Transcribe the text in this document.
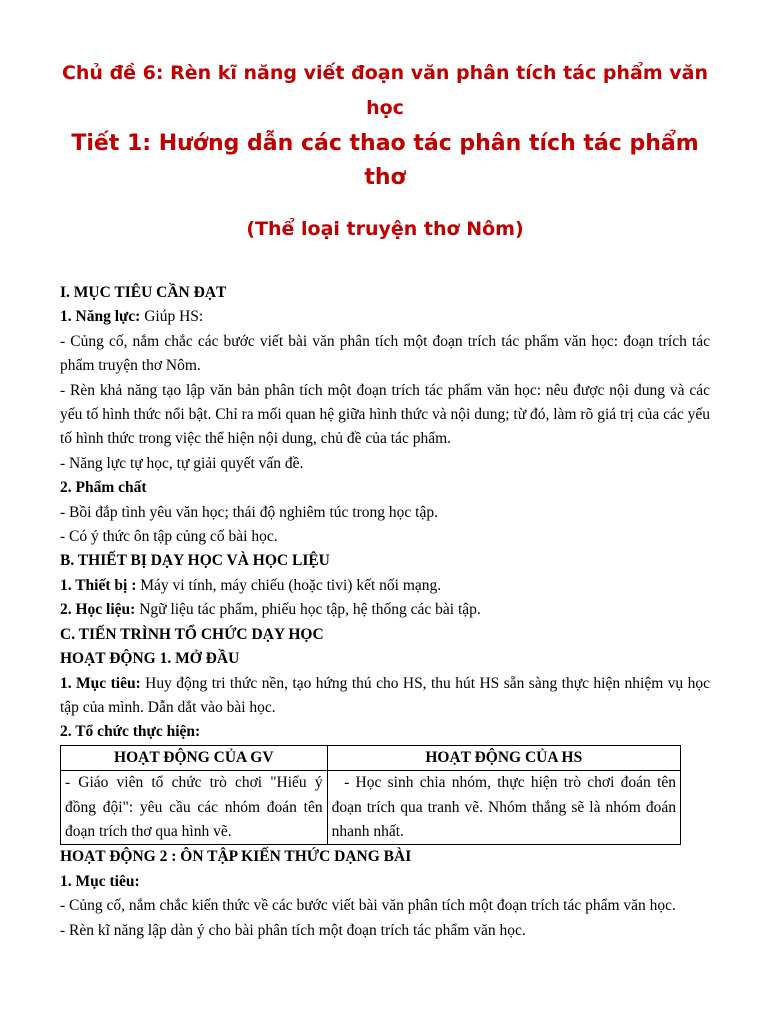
Chủ đề 6: Rèn kĩ năng viết đoạn văn phân tích tác phẩm văn học
Tiết 1: Hướng dẫn các thao tác phân tích tác phẩm thơ
(Thể loại truyện thơ Nôm)

I. MỤC TIÊU CẦN ĐẠT

1. Năng lực: Giúp HS:

- Củng cố, nắm chắc các bước viết bài văn phân tích một đoạn trích tác phẩm văn học: đoạn trích tác phẩm truyện thơ Nôm.

- Rèn khả năng tạo lập văn bản phân tích một đoạn trích tác phẩm văn học: nêu được nội dung và các yếu tố hình thức nổi bật. Chỉ ra mối quan hệ giữa hình thức và nội dung; từ đó, làm rõ giá trị của các yếu tố hình thức trong việc thể hiện nội dung, chủ đề của tác phẩm.

- Năng lực tự học, tự giải quyết vấn đề.

2. Phẩm chất

- Bồi đắp tình yêu văn học; thái độ nghiêm túc trong học tập.

- Có ý thức ôn tập củng cố bài học.

B. THIẾT BỊ DẠY HỌC VÀ HỌC LIỆU

1. Thiết bị : Máy vi tính, máy chiếu (hoặc tivi) kết nối mạng.

2. Học liệu: Ngữ liệu tác phẩm, phiếu học tập, hệ thống các bài tập.

C. TIẾN TRÌNH TỔ CHỨC DẠY HỌC

HOẠT ĐỘNG 1. MỞ ĐẦU

1. Mục tiêu: Huy động tri thức nền, tạo hứng thú cho HS, thu hút HS sẵn sàng thực hiện nhiệm vụ học tập của mình. Dẫn dắt vào bài học.

2. Tổ chức thực hiện:

HOẠT ĐỘNG CỦA GV	HOẠT ĐỘNG CỦA HS
- Giáo viên tổ chức trò chơi "Hiểu ý đồng đội": yêu cầu các nhóm đoán tên đoạn trích thơ qua hình vẽ.	- Học sinh chia nhóm, thực hiện trò chơi đoán tên đoạn trích qua tranh vẽ. Nhóm thắng sẽ là nhóm đoán nhanh nhất.

HOẠT ĐỘNG 2 : ÔN TẬP KIẾN THỨC DẠNG BÀI

1. Mục tiêu:

- Củng cố, nắm chắc kiến thức về các bước viết bài văn phân tích một đoạn trích tác phẩm văn học.

- Rèn kĩ năng lập dàn ý cho bài phân tích một đoạn trích tác phẩm văn học.
